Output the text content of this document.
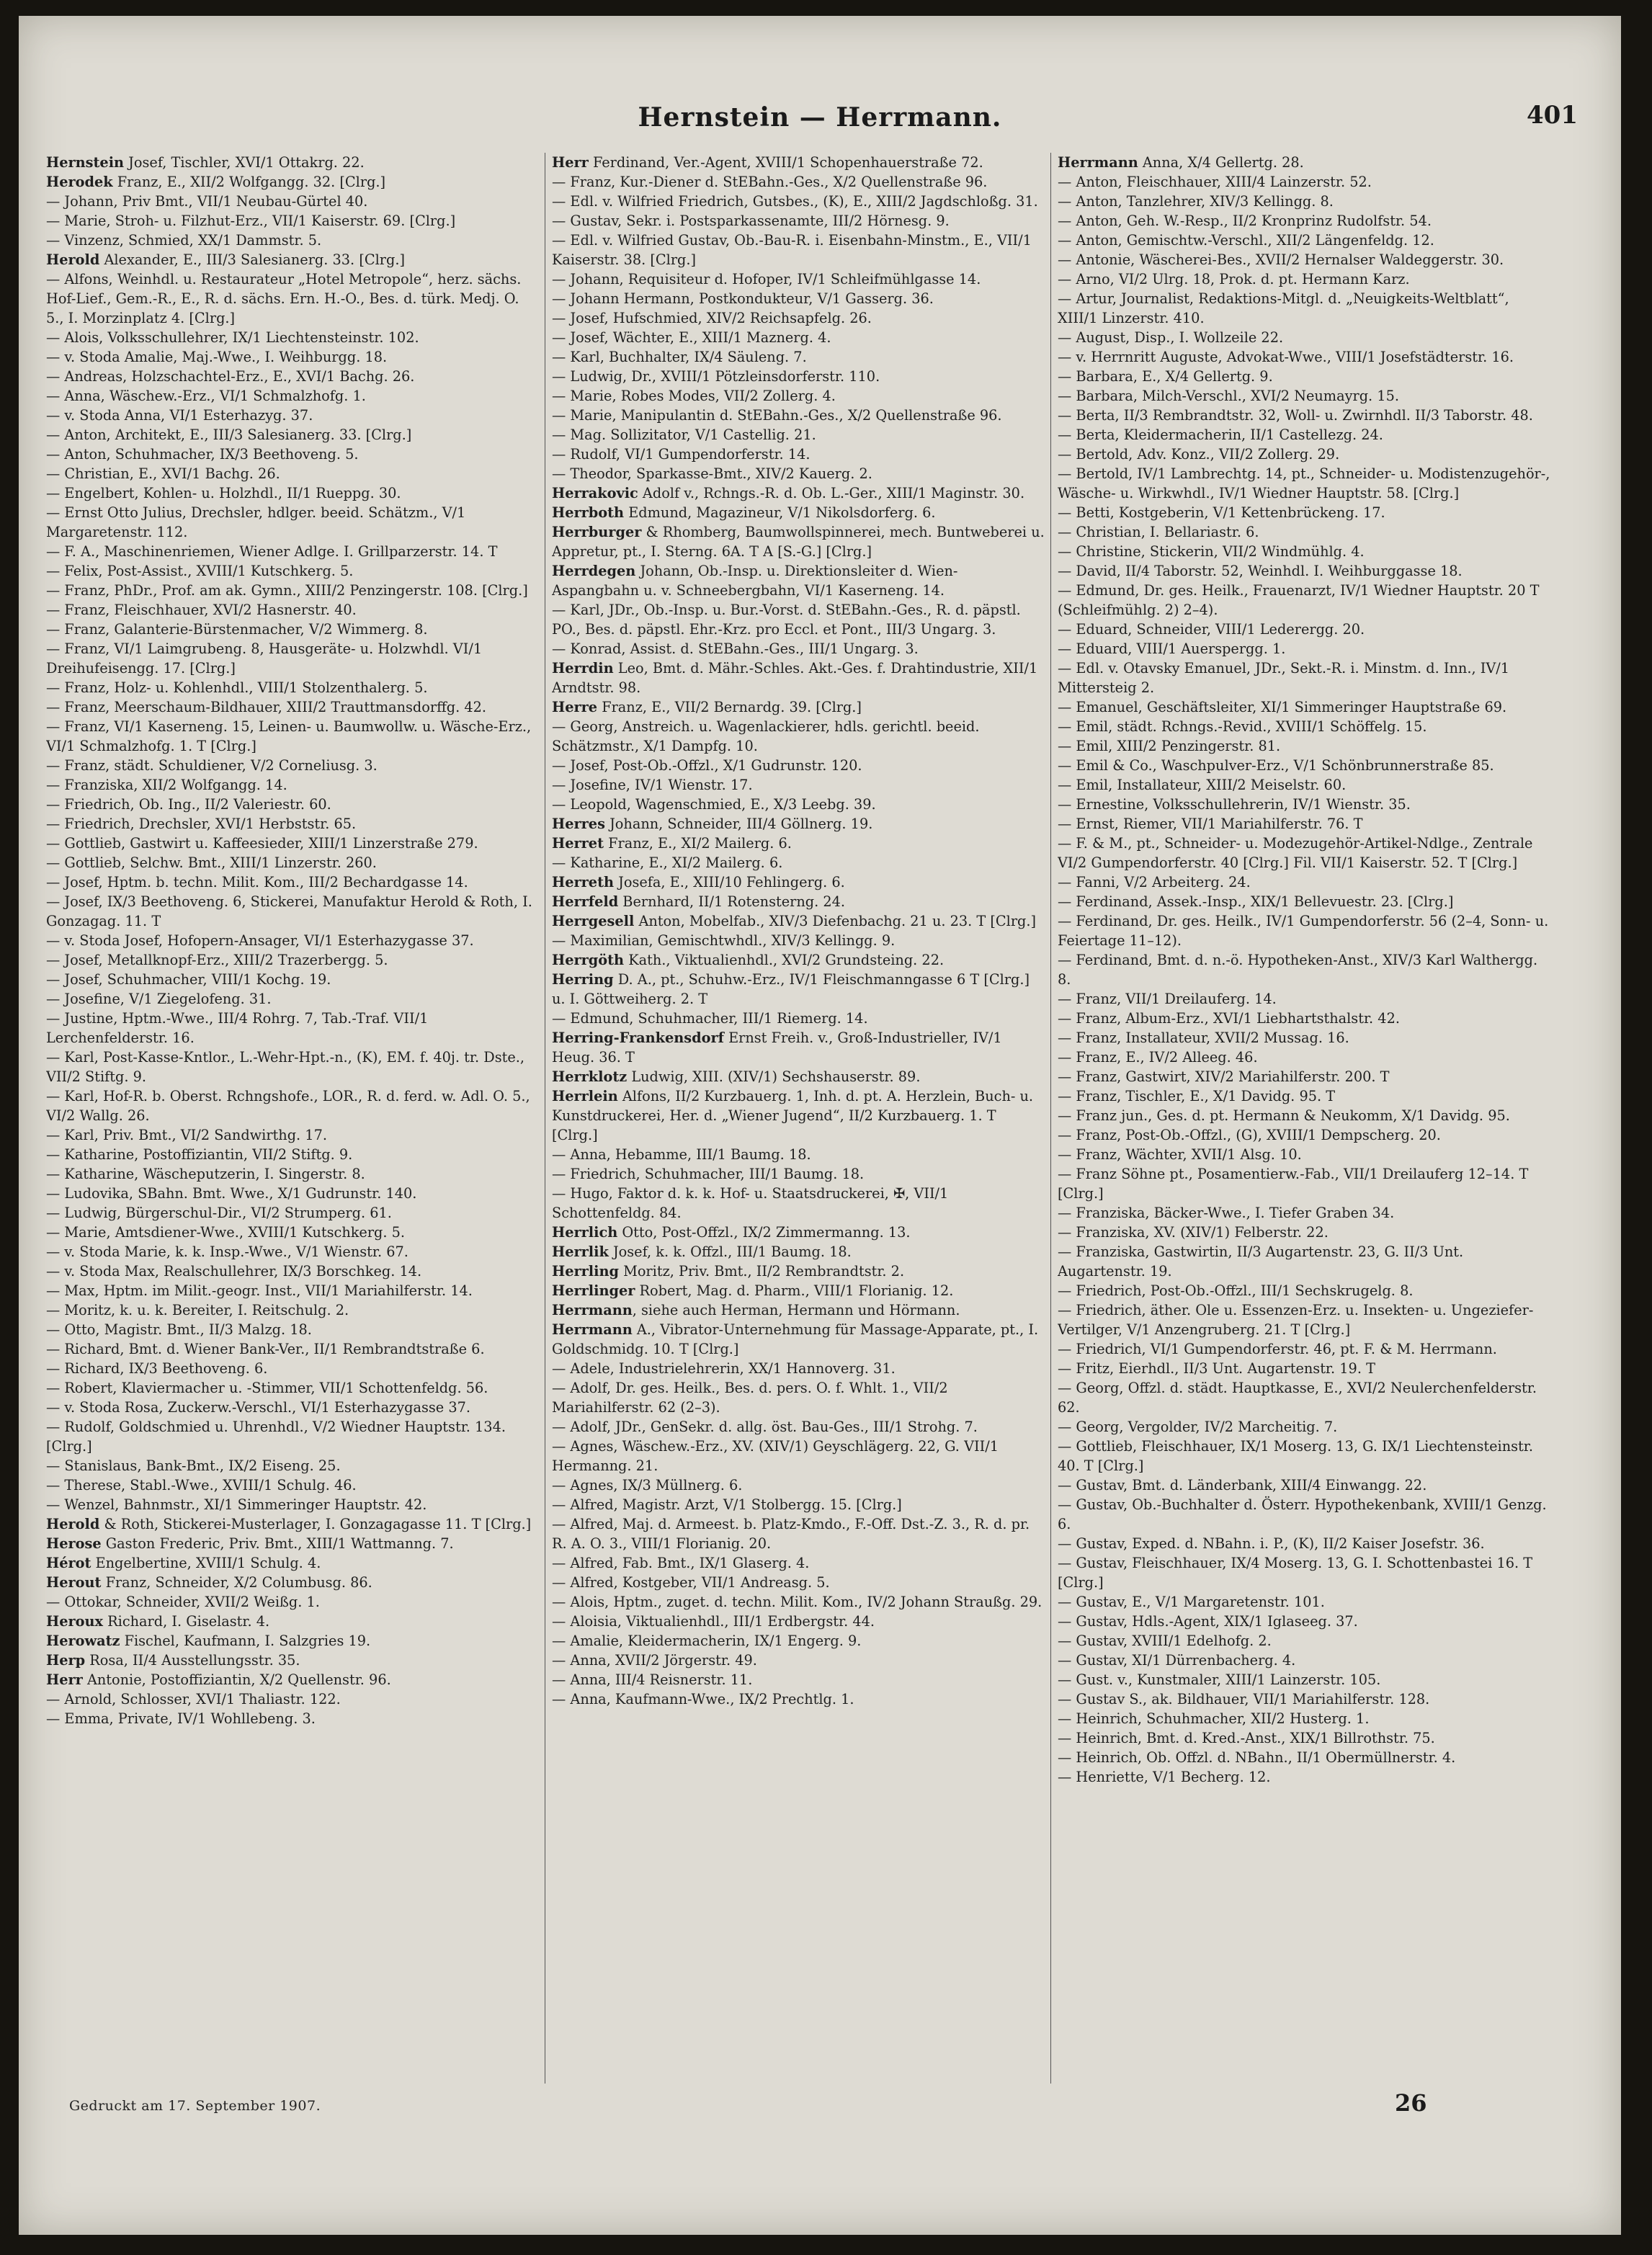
Hernstein — Herrmann.	401

Hernstein Josef, Tischler, XVI/1 Ottakrg. 22.

Herodek Franz, E., XII/2 Wolfgangg. 32. [Clrg.]

— Johann, Priv Bmt., VII/1 Neubau-Gürtel 40.

— Marie, Stroh- u. Filzhut-Erz., VII/1 Kaiserstr. 69. [Clrg.]

— Vinzenz, Schmied, XX/1 Dammstr. 5.

Herold Alexander, E., III/3 Salesianerg. 33. [Clrg.]

— Alfons, Weinhdl. u. Restaurateur „Hotel Metropole“, herz. sächs. Hof-Lief., Gem.-R., E., R. d. sächs. Ern. H.-O., Bes. d. türk. Medj. O. 5., I. Morzinplatz 4. [Clrg.]

— Alois, Volksschullehrer, IX/1 Liechtensteinstr. 102.

— v. Stoda Amalie, Maj.-Wwe., I. Weihburgg. 18.

— Andreas, Holzschachtel-Erz., E., XVI/1 Bachg. 26.

— Anna, Wäschew.-Erz., VI/1 Schmalzhofg. 1.

— v. Stoda Anna, VI/1 Esterhazyg. 37.

— Anton, Architekt, E., III/3 Salesianerg. 33. [Clrg.]

— Anton, Schuhmacher, IX/3 Beethoveng. 5.

— Christian, E., XVI/1 Bachg. 26.

— Engelbert, Kohlen- u. Holzhdl., II/1 Rueppg. 30.

— Ernst Otto Julius, Drechsler, hdlger. beeid. Schätzm., V/1 Margaretenstr. 112.

— F. A., Maschinenriemen, Wiener Adlge. I. Grillparzerstr. 14. T

— Felix, Post-Assist., XVIII/1 Kutschkerg. 5.

— Franz, PhDr., Prof. am ak. Gymn., XIII/2 Penzingerstr. 108. [Clrg.]

— Franz, Fleischhauer, XVI/2 Hasnerstr. 40.

— Franz, Galanterie-Bürstenmacher, V/2 Wimmerg. 8.

— Franz, VI/1 Laimgrubeng. 8, Hausgeräte- u. Holzwhdl. VI/1 Dreihufeisengg. 17. [Clrg.]

— Franz, Holz- u. Kohlenhdl., VIII/1 Stolzenthalerg. 5.

— Franz, Meerschaum-Bildhauer, XIII/2 Trauttmansdorffg. 42.

— Franz, VI/1 Kaserneng. 15, Leinen- u. Baumwollw. u. Wäsche-Erz., VI/1 Schmalzhofg. 1. T [Clrg.]

— Franz, städt. Schuldiener, V/2 Corneliusg. 3.

— Franziska, XII/2 Wolfgangg. 14.

— Friedrich, Ob. Ing., II/2 Valeriestr. 60.

— Friedrich, Drechsler, XVI/1 Herbststr. 65.

— Gottlieb, Gastwirt u. Kaffeesieder, XIII/1 Linzerstraße 279.

— Gottlieb, Selchw. Bmt., XIII/1 Linzerstr. 260.

— Josef, Hptm. b. techn. Milit. Kom., III/2 Bechardgasse 14.

— Josef, IX/3 Beethoveng. 6, Stickerei, Manufaktur Herold & Roth, I. Gonzagag. 11. T

— v. Stoda Josef, Hofopern-Ansager, VI/1 Esterhazygasse 37.

— Josef, Metallknopf-Erz., XIII/2 Trazerbergg. 5.

— Josef, Schuhmacher, VIII/1 Kochg. 19.

— Josefine, V/1 Ziegelofeng. 31.

— Justine, Hptm.-Wwe., III/4 Rohrg. 7, Tab.-Traf. VII/1 Lerchenfelderstr. 16.

— Karl, Post-Kasse-Kntlor., L.-Wehr-Hpt.-n., (K), EM. f. 40j. tr. Dste., VII/2 Stiftg. 9.

— Karl, Hof-R. b. Oberst. Rchngshofe., LOR., R. d. ferd. w. Adl. O. 5., VI/2 Wallg. 26.

— Karl, Priv. Bmt., VI/2 Sandwirthg. 17.

— Katharine, Postoffiziantin, VII/2 Stiftg. 9.

— Katharine, Wäscheputzerin, I. Singerstr. 8.

— Ludovika, SBahn. Bmt. Wwe., X/1 Gudrunstr. 140.

— Ludwig, Bürgerschul-Dir., VI/2 Strumperg. 61.

— Marie, Amtsdiener-Wwe., XVIII/1 Kutschkerg. 5.

— v. Stoda Marie, k. k. Insp.-Wwe., V/1 Wienstr. 67.

— v. Stoda Max, Realschullehrer, IX/3 Borschkeg. 14.

— Max, Hptm. im Milit.-geogr. Inst., VII/1 Mariahilferstr. 14.

— Moritz, k. u. k. Bereiter, I. Reitschulg. 2.

— Otto, Magistr. Bmt., II/3 Malzg. 18.

— Richard, Bmt. d. Wiener Bank-Ver., II/1 Rembrandtstraße 6.

— Richard, IX/3 Beethoveng. 6.

— Robert, Klaviermacher u. -Stimmer, VII/1 Schottenfeldg. 56.

— v. Stoda Rosa, Zuckerw.-Verschl., VI/1 Esterhazygasse 37.

— Rudolf, Goldschmied u. Uhrenhdl., V/2 Wiedner Hauptstr. 134. [Clrg.]

— Stanislaus, Bank-Bmt., IX/2 Eiseng. 25.

— Therese, Stabl.-Wwe., XVIII/1 Schulg. 46.

— Wenzel, Bahnmstr., XI/1 Simmeringer Hauptstr. 42.

Herold & Roth, Stickerei-Musterlager, I. Gonzagagasse 11. T [Clrg.]

Herose Gaston Frederic, Priv. Bmt., XIII/1 Wattmanng. 7.

Hérot Engelbertine, XVIII/1 Schulg. 4.

Herout Franz, Schneider, X/2 Columbusg. 86.

— Ottokar, Schneider, XVII/2 Weißg. 1.

Heroux Richard, I. Giselastr. 4.

Herowatz Fischel, Kaufmann, I. Salzgries 19.

Herp Rosa, II/4 Ausstellungsstr. 35.

Herr Antonie, Postoffiziantin, X/2 Quellenstr. 96.

— Arnold, Schlosser, XVI/1 Thaliastr. 122.

— Emma, Private, IV/1 Wohllebeng. 3.

Herr Ferdinand, Ver.-Agent, XVIII/1 Schopenhauerstraße 72.

— Franz, Kur.-Diener d. StEBahn.-Ges., X/2 Quellenstraße 96.

— Edl. v. Wilfried Friedrich, Gutsbes., (K), E., XIII/2 Jagdschloßg. 31.

— Gustav, Sekr. i. Postsparkassenamte, III/2 Hörnesg. 9.

— Edl. v. Wilfried Gustav, Ob.-Bau-R. i. Eisenbahn-Minstm., E., VII/1 Kaiserstr. 38. [Clrg.]

— Johann, Requisiteur d. Hofoper, IV/1 Schleifmühlgasse 14.

— Johann Hermann, Postkondukteur, V/1 Gasserg. 36.

— Josef, Hufschmied, XIV/2 Reichsapfelg. 26.

— Josef, Wächter, E., XIII/1 Maznerg. 4.

— Karl, Buchhalter, IX/4 Säuleng. 7.

— Ludwig, Dr., XVIII/1 Pötzleinsdorferstr. 110.

— Marie, Robes Modes, VII/2 Zollerg. 4.

— Marie, Manipulantin d. StEBahn.-Ges., X/2 Quellenstraße 96.

— Mag. Sollizitator, V/1 Castellig. 21.

— Rudolf, VI/1 Gumpendorferstr. 14.

— Theodor, Sparkasse-Bmt., XIV/2 Kauerg. 2.

Herrakovic Adolf v., Rchngs.-R. d. Ob. L.-Ger., XIII/1 Maginstr. 30.

Herrboth Edmund, Magazineur, V/1 Nikolsdorferg. 6.

Herrburger & Rhomberg, Baumwollspinnerei, mech. Buntweberei u. Appretur, pt., I. Sterng. 6A. T A [S.-G.] [Clrg.]

Herrdegen Johann, Ob.-Insp. u. Direktionsleiter d. Wien-Aspangbahn u. v. Schneebergbahn, VI/1 Kaserneng. 14.

— Karl, JDr., Ob.-Insp. u. Bur.-Vorst. d. StEBahn.-Ges., R. d. päpstl. PO., Bes. d. päpstl. Ehr.-Krz. pro Eccl. et Pont., III/3 Ungarg. 3.

— Konrad, Assist. d. StEBahn.-Ges., III/1 Ungarg. 3.

Herrdin Leo, Bmt. d. Mähr.-Schles. Akt.-Ges. f. Drahtindustrie, XII/1 Arndtstr. 98.

Herre Franz, E., VII/2 Bernardg. 39. [Clrg.]

— Georg, Anstreich. u. Wagenlackierer, hdls. gerichtl. beeid. Schätzmstr., X/1 Dampfg. 10.

— Josef, Post-Ob.-Offzl., X/1 Gudrunstr. 120.

— Josefine, IV/1 Wienstr. 17.

— Leopold, Wagenschmied, E., X/3 Leebg. 39.

Herres Johann, Schneider, III/4 Göllnerg. 19.

Herret Franz, E., XI/2 Mailerg. 6.

— Katharine, E., XI/2 Mailerg. 6.

Herreth Josefa, E., XIII/10 Fehlingerg. 6.

Herrfeld Bernhard, II/1 Rotensterng. 24.

Herrgesell Anton, Mobelfab., XIV/3 Diefenbachg. 21 u. 23. T [Clrg.]

— Maximilian, Gemischtwhdl., XIV/3 Kellingg. 9.

Herrgöth Kath., Viktualienhdl., XVI/2 Grundsteing. 22.

Herring D. A., pt., Schuhw.-Erz., IV/1 Fleischmanngasse 6 T [Clrg.] u. I. Göttweiherg. 2. T

— Edmund, Schuhmacher, III/1 Riemerg. 14.

Herring-Frankensdorf Ernst Freih. v., Groß-Industrieller, IV/1 Heug. 36. T

Herrklotz Ludwig, XIII. (XIV/1) Sechshauserstr. 89.

Herrlein Alfons, II/2 Kurzbauerg. 1, Inh. d. pt. A. Herzlein, Buch- u. Kunstdruckerei, Her. d. „Wiener Jugend“, II/2 Kurzbauerg. 1. T [Clrg.]

— Anna, Hebamme, III/1 Baumg. 18.

— Friedrich, Schuhmacher, III/1 Baumg. 18.

— Hugo, Faktor d. k. k. Hof- u. Staatsdruckerei, ✠, VII/1 Schottenfeldg. 84.

Herrlich Otto, Post-Offzl., IX/2 Zimmermanng. 13.

Herrlik Josef, k. k. Offzl., III/1 Baumg. 18.

Herrling Moritz, Priv. Bmt., II/2 Rembrandtstr. 2.

Herrlinger Robert, Mag. d. Pharm., VIII/1 Florianig. 12.

Herrmann, siehe auch Herman, Hermann und Hörmann.

Herrmann A., Vibrator-Unternehmung für Massage-Apparate, pt., I. Goldschmidg. 10. T [Clrg.]

— Adele, Industrielehrerin, XX/1 Hannoverg. 31.

— Adolf, Dr. ges. Heilk., Bes. d. pers. O. f. Whlt. 1., VII/2 Mariahilferstr. 62 (2–3).

— Adolf, JDr., GenSekr. d. allg. öst. Bau-Ges., III/1 Strohg. 7.

— Agnes, Wäschew.-Erz., XV. (XIV/1) Geyschlägerg. 22, G. VII/1 Hermanng. 21.

— Agnes, IX/3 Müllnerg. 6.

— Alfred, Magistr. Arzt, V/1 Stolbergg. 15. [Clrg.]

— Alfred, Maj. d. Armeest. b. Platz-Kmdo., F.-Off. Dst.-Z. 3., R. d. pr. R. A. O. 3., VIII/1 Florianig. 20.

— Alfred, Fab. Bmt., IX/1 Glaserg. 4.

— Alfred, Kostgeber, VII/1 Andreasg. 5.

— Alois, Hptm., zuget. d. techn. Milit. Kom., IV/2 Johann Straußg. 29.

— Aloisia, Viktualienhdl., III/1 Erdbergstr. 44.

— Amalie, Kleidermacherin, IX/1 Engerg. 9.

— Anna, XVII/2 Jörgerstr. 49.

— Anna, III/4 Reisnerstr. 11.

— Anna, Kaufmann-Wwe., IX/2 Prechtlg. 1.

Herrmann Anna, X/4 Gellertg. 28.

— Anton, Fleischhauer, XIII/4 Lainzerstr. 52.

— Anton, Tanzlehrer, XIV/3 Kellingg. 8.

— Anton, Geh. W.-Resp., II/2 Kronprinz Rudolfstr. 54.

— Anton, Gemischtw.-Verschl., XII/2 Längenfeldg. 12.

— Antonie, Wäscherei-Bes., XVII/2 Hernalser Waldeggerstr. 30.

— Arno, VI/2 Ulrg. 18, Prok. d. pt. Hermann Karz.

— Artur, Journalist, Redaktions-Mitgl. d. „Neuigkeits-Weltblatt“, XIII/1 Linzerstr. 410.

— August, Disp., I. Wollzeile 22.

— v. Herrnritt Auguste, Advokat-Wwe., VIII/1 Josefstädterstr. 16.

— Barbara, E., X/4 Gellertg. 9.

— Barbara, Milch-Verschl., XVI/2 Neumayrg. 15.

— Berta, II/3 Rembrandtstr. 32, Woll- u. Zwirnhdl. II/3 Taborstr. 48.

— Berta, Kleidermacherin, II/1 Castellezg. 24.

— Bertold, Adv. Konz., VII/2 Zollerg. 29.

— Bertold, IV/1 Lambrechtg. 14, pt., Schneider- u. Modistenzugehör-, Wäsche- u. Wirkwhdl., IV/1 Wiedner Hauptstr. 58. [Clrg.]

— Betti, Kostgeberin, V/1 Kettenbrückeng. 17.

— Christian, I. Bellariastr. 6.

— Christine, Stickerin, VII/2 Windmühlg. 4.

— David, II/4 Taborstr. 52, Weinhdl. I. Weihburggasse 18.

— Edmund, Dr. ges. Heilk., Frauenarzt, IV/1 Wiedner Hauptstr. 20 T (Schleifmühlg. 2) 2–4).

— Eduard, Schneider, VIII/1 Lederergg. 20.

— Eduard, VIII/1 Auerspergg. 1.

— Edl. v. Otavsky Emanuel, JDr., Sekt.-R. i. Minstm. d. Inn., IV/1 Mittersteig 2.

— Emanuel, Geschäftsleiter, XI/1 Simmeringer Hauptstraße 69.

— Emil, städt. Rchngs.-Revid., XVIII/1 Schöffelg. 15.

— Emil, XIII/2 Penzingerstr. 81.

— Emil & Co., Waschpulver-Erz., V/1 Schönbrunnerstraße 85.

— Emil, Installateur, XIII/2 Meiselstr. 60.

— Ernestine, Volksschullehrerin, IV/1 Wienstr. 35.

— Ernst, Riemer, VII/1 Mariahilferstr. 76. T

— F. & M., pt., Schneider- u. Modezugehör-Artikel-Ndlge., Zentrale VI/2 Gumpendorferstr. 40 [Clrg.] Fil. VII/1 Kaiserstr. 52. T [Clrg.]

— Fanni, V/2 Arbeiterg. 24.

— Ferdinand, Assek.-Insp., XIX/1 Bellevuestr. 23. [Clrg.]

— Ferdinand, Dr. ges. Heilk., IV/1 Gumpendorferstr. 56 (2–4, Sonn- u. Feiertage 11–12).

— Ferdinand, Bmt. d. n.-ö. Hypotheken-Anst., XIV/3 Karl Walthergg. 8.

— Franz, VII/1 Dreilauferg. 14.

— Franz, Album-Erz., XVI/1 Liebhartsthalstr. 42.

— Franz, Installateur, XVII/2 Mussag. 16.

— Franz, E., IV/2 Alleeg. 46.

— Franz, Gastwirt, XIV/2 Mariahilferstr. 200. T

— Franz, Tischler, E., X/1 Davidg. 95. T

— Franz jun., Ges. d. pt. Hermann & Neukomm, X/1 Davidg. 95.

— Franz, Post-Ob.-Offzl., (G), XVIII/1 Dempscherg. 20.

— Franz, Wächter, XVII/1 Alsg. 10.

— Franz Söhne pt., Posamentierw.-Fab., VII/1 Dreilauferg 12–14. T [Clrg.]

— Franziska, Bäcker-Wwe., I. Tiefer Graben 34.

— Franziska, XV. (XIV/1) Felberstr. 22.

— Franziska, Gastwirtin, II/3 Augartenstr. 23, G. II/3 Unt. Augartenstr. 19.

— Friedrich, Post-Ob.-Offzl., III/1 Sechskrugelg. 8.

— Friedrich, äther. Ole u. Essenzen-Erz. u. Insekten- u. Ungeziefer-Vertilger, V/1 Anzengruberg. 21. T [Clrg.]

— Friedrich, VI/1 Gumpendorferstr. 46, pt. F. & M. Herrmann.

— Fritz, Eierhdl., II/3 Unt. Augartenstr. 19. T

— Georg, Offzl. d. städt. Hauptkasse, E., XVI/2 Neulerchenfelderstr. 62.

— Georg, Vergolder, IV/2 Marcheitig. 7.

— Gottlieb, Fleischhauer, IX/1 Moserg. 13, G. IX/1 Liechtensteinstr. 40. T [Clrg.]

— Gustav, Bmt. d. Länderbank, XIII/4 Einwangg. 22.

— Gustav, Ob.-Buchhalter d. Österr. Hypothekenbank, XVIII/1 Genzg. 6.

— Gustav, Exped. d. NBahn. i. P., (K), II/2 Kaiser Josefstr. 36.

— Gustav, Fleischhauer, IX/4 Moserg. 13, G. I. Schottenbastei 16. T [Clrg.]

— Gustav, E., V/1 Margaretenstr. 101.

— Gustav, Hdls.-Agent, XIX/1 Iglaseeg. 37.

— Gustav, XVIII/1 Edelhofg. 2.

— Gustav, XI/1 Dürrenbacherg. 4.

— Gust. v., Kunstmaler, XIII/1 Lainzerstr. 105.

— Gustav S., ak. Bildhauer, VII/1 Mariahilferstr. 128.

— Heinrich, Schuhmacher, XII/2 Husterg. 1.

— Heinrich, Bmt. d. Kred.-Anst., XIX/1 Billrothstr. 75.

— Heinrich, Ob. Offzl. d. NBahn., II/1 Obermüllnerstr. 4.

— Henriette, V/1 Becherg. 12.

Gedruckt am 17. September 1907.	26
